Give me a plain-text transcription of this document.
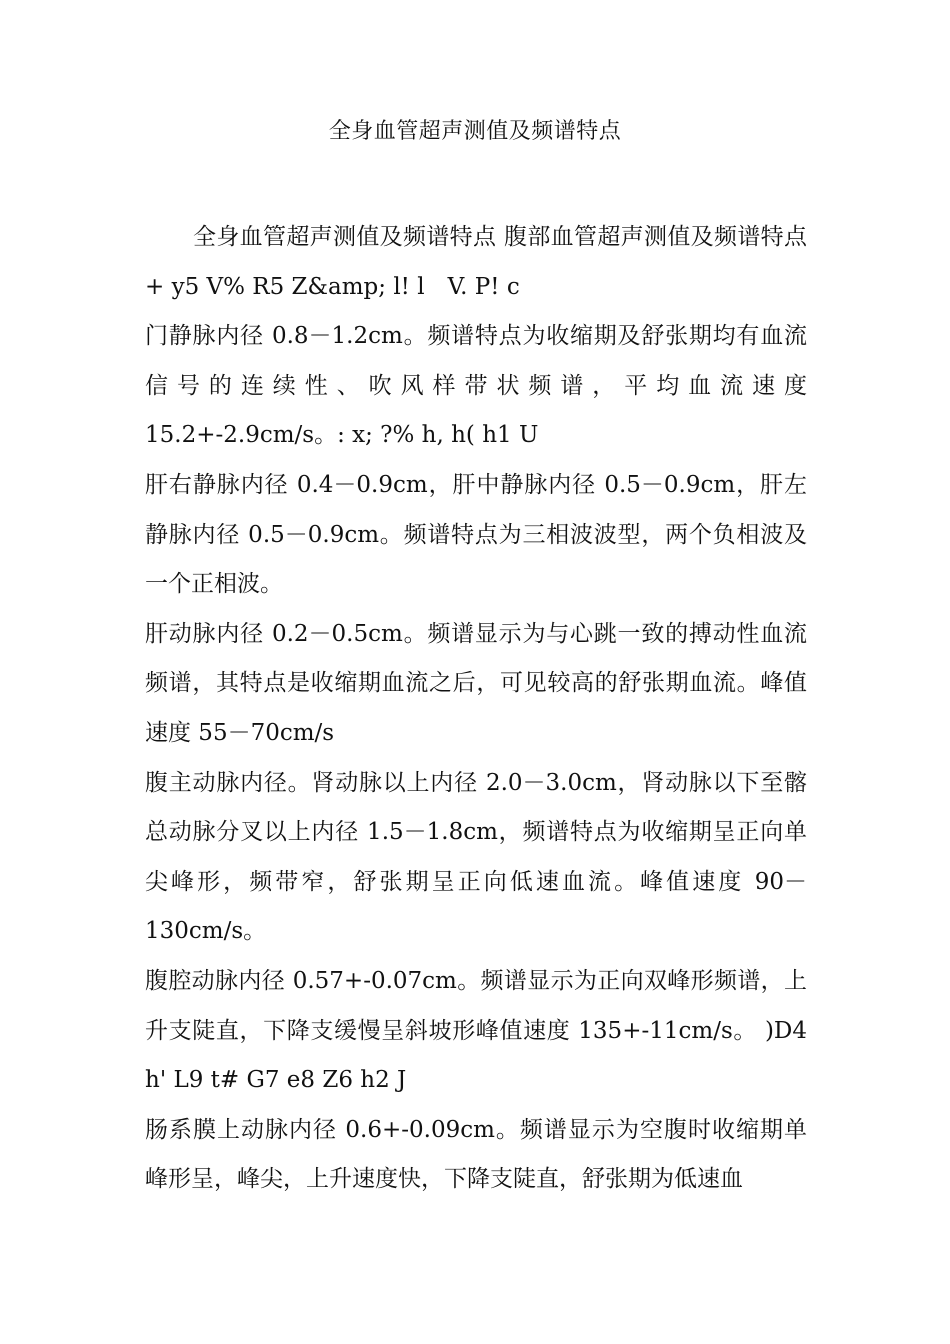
全身血管超声测值及频谱特点

全身血管超声测值及频谱特点 腹部血管超声测值及频谱特点+ y5 V% R5 Z&amp; l! l　V. P! c

门静脉内径 0.8－1.2cm。频谱特点为收缩期及舒张期均有血流信号的连续性、吹风样带状频谱，平均血流速度15.2+-2.9cm/s。: x; ?% h, h( h1 U

肝右静脉内径 0.4－0.9cm，肝中静脉内径 0.5－0.9cm，肝左静脉内径 0.5－0.9cm。频谱特点为三相波波型，两个负相波及一个正相波。

肝动脉内径 0.2－0.5cm。频谱显示为与心跳一致的搏动性血流频谱，其特点是收缩期血流之后，可见较高的舒张期血流。峰值速度 55－70cm/s

腹主动脉内径。肾动脉以上内径 2.0－3.0cm，肾动脉以下至髂总动脉分叉以上内径 1.5－1.8cm，频谱特点为收缩期呈正向单尖峰形，频带窄，舒张期呈正向低速血流。峰值速度 90－130cm/s。

腹腔动脉内径 0.57+-0.07cm。频谱显示为正向双峰形频谱，上升支陡直，下降支缓慢呈斜坡形峰值速度 135+-11cm/s。 )D4 h' L9 t# G7 e8 Z6 h2 J

肠系膜上动脉内径 0.6+-0.09cm。频谱显示为空腹时收缩期单峰形呈，峰尖，上升速度快，下降支陡直，舒张期为低速血
